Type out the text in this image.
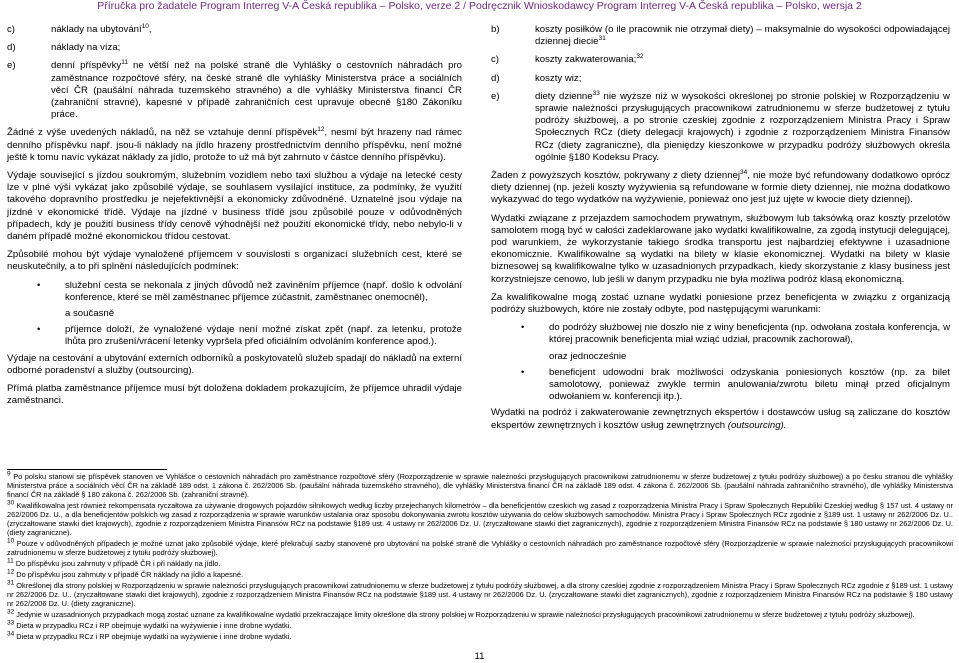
Příručka pro žadatele Program Interreg V-A Česká republika – Polsko, verze 2 / Podręcznik Wnioskodawcy Program Interreg V-A Česká republika – Polsko, wersja 2
c)	náklady na ubytování$^{10}$,
d)	náklady na víza;
e)	denní příspěvky$^{11}$ ne větší než na polské straně dle Vyhlášky o cestovních náhradách pro zaměstnance rozpočtové sféry, na české straně dle vyhlášky Ministerstva práce a sociálních věcí ČR (paušální náhrada tuzemského stravného) a dle vyhlášky Ministerstva financí ČR (zahraniční stravné), kapesné v případě zahraničních cest upravuje obecně §180 Zákoníku práce.

Žádné z výše uvedených nákladů, na něž se vztahuje denní příspěvek$^{12}$, nesmí být hrazeny nad rámec denního příspěvku např. jsou-li náklady na jídlo hrazeny prostřednictvím denního příspěvku, není možné ještě k tomu navíc vykázat náklady za jídlo, protože to už má být zahrnuto v částce denního příspěvku).

Výdaje související s jízdou soukromým, služebním vozidlem nebo taxi službou a výdaje na letecké cesty lze v plné výši vykázat jako způsobilé výdaje, se souhlasem vysílající instituce, za podmínky, že využití takového dopravního prostředku je nejefektivnější a ekonomicky zdůvodněné. Uznatelné jsou výdaje na jízdné v ekonomické třídě. Výdaje na jízdné v business třídě jsou způsobilé pouze v odůvodněných případech, kdy je použití business třídy cenově výhodnější než použití ekonomické třídy, nebo nebylo-li v daném případě možné ekonomickou třídou cestovat.

Způsobilé mohou být výdaje vynaložené příjemcem v souvislosti s organizací služebních cest, které se neuskutečnily, a to při splnění následujících podmínek:

•	služební cesta se nekonala z jiných důvodů než zaviněním příjemce (např. došlo k odvolání konference, které se měl zaměstnanec příjemce zúčastnit, zaměstnanec onemocněl),
a současně
•	příjemce doloží, že vynaložené výdaje není možné získat zpět (např. za letenku, protože lhůta pro zrušení/vrácení letenky vypršela před oficiálním odvoláním konference apod.).

Výdaje na cestování a ubytování externích odborníků a poskytovatelů služeb spadají do nákladů na externí odborné poradenství a služby (outsourcing).

Přímá platba zaměstnance příjemce musí být doložena dokladem prokazujícím, že příjemce uhradil výdaje zaměstnanci.

b)	koszty posiłków (o ile pracownik nie otrzymał diety) – maksymalnie do wysokości odpowiadającej dziennej diecie$^{31}$
c)	koszty zakwaterowania;$^{32}$
d)	koszty wiz;
e)	diety dzienne$^{33}$ nie wyższe niż w wysokości określonej po stronie polskiej w Rozporządzeniu w sprawie należności przysługujących pracownikowi zatrudnionemu w sferze budżetowej z tytułu podróży służbowej, a po stronie czeskiej zgodnie z rozporządzeniem Ministra Pracy i Spraw Społecznych RCz (diety delegacji krajowych) i zgodnie z rozporządzeniem Ministra Finansów RCz (diety zagraniczne), dla pieniędzy kieszonkowe w przypadku podróży służbowych określa ogólnie §180 Kodeksu Pracy.

Żaden z powyższych kosztów, pokrywany z diety dziennej$^{34}$, nie może być refundowany dodatkowo oprócz diety dziennej (np. jeżeli koszty wyżywienia są refundowane w formie diety dziennej, nie można dodatkowo wykazywać do tego wydatków na wyżywienie, ponieważ ono jest już ujęte w kwocie diety dziennej).

Wydatki związane z przejazdem samochodem prywatnym, służbowym lub taksówką oraz koszty przelotów samolotem mogą być w całości zadeklarowane jako wydatki kwalifikowalne, za zgodą instytucji delegującej, pod warunkiem, że wykorzystanie takiego środka transportu jest najbardziej efektywne i uzasadnione ekonomicznie. Kwalifikowalne są wydatki na bilety w klasie ekonomicznej. Wydatki na bilety w klasie biznesowej są kwalifikowalne tylko w uzasadnionych przypadkach, kiedy skorzystanie z klasy business jest korzystniejsze cenowo, lub jeśli w danym przypadku nie była możliwa podróż klasą ekonomiczną.

Za kwalifikowalne mogą zostać uznane wydatki poniesione przez beneficjenta w związku z organizacją podróży służbowych, które nie zostały odbyte, pod następującymi warunkami:

•	do podróży służbowej nie doszło nie z winy beneficjenta (np. odwołana została konferencja, w której pracownik beneficjenta miał wziąć udział, pracownik zachorował),
oraz jednocześnie
•	beneficjent udowodni brak możliwości odzyskania poniesionych kosztów (np. za bilet samolotowy, ponieważ zwykle termin anulowania/zwrotu biletu minął przed oficjalnym odwołaniem w. konferencji itp.).

Wydatki na podróż i zakwaterowanie zewnętrznych ekspertów i dostawców usług są zaliczane do kosztów ekspertów zewnętrznych i kosztów usług zewnętrznych (outsourcing).

$^9$ Po polsku stanowi się příspěvek stanoven ve Vyhlášce o cestovních náhradách pro zaměstnance rozpočtové sféry (Rozporządzenie w sprawie należności przysługujących pracownikowi zatrudnionemu w sferze budżetowej z tytułu podróży służbowej) a po česku stranou dle vyhlášky Ministerstva práce a sociálních věcí ČR na základě 189 odst. 1 zákona č. 262/2006 Sb. (paušální náhrada tuzemského stravného), dle vyhlášky Ministerstva financí ČR na základě 189 odst. 4 zákona č. 262/2006 Sb. (paušální náhrada zahraničního stravného), dle vyhlášky Ministerstva financí ČR na základě § 180 zákona č. 262/2006 Sb. (zahraniční stravné).

$^{30}$ Kwalifikowalna jest również rekompensata ryczałtowa za używanie drogowych pojazdów silnikowych według liczby przejechanych kilometrów – dla beneficjentów czeskich wg zasad z rozporządzenia Ministra Pracy i Spraw Społecznych Republiki Czeskiej według § 157 ust. 4 ustawy nr 262/2006 Dz. U., a dla beneficjentów polskich wg zasad z rozporządzenia w sprawie warunków ustalania oraz sposobu dokonywania zwrotu kosztów używania do celów służbowych samochodów. Ministra Pracy i Spraw Społecznych RCz zgodnie z §189 ust. 1 ustawy nr 262/2006 Dz. U.. (zryczałtowane stawki diet krajowych), zgodnie z rozporządzeniem Ministra Finansów RCz na podstawie §189 ust. 4 ustawy nr 262/2006 Dz. U. (zryczałtowane stawki diet zagranicznych), zgodnie z rozporządzeniem Ministra Finansów RCz na podstawie § 180 ustawy nr 262/2006 Dz. U. (diety zagraniczne).

$^{10}$ Pouze v odůvodněných případech je možné uznat jako způsobilé výdaje, které překračují sazby stanovené pro ubytování na polské straně dle Vyhlášky o cestovních náhradách pro zaměstnance rozpočtové sféry (Rozporządzenie w sprawie należności przysługujących pracownikowi zatrudnionemu w sferze budżetowej z tytułu podróży służbowej).

$^{11}$ Do příspěvku jsou zahrnuty v případě ČR i při náklady na jídlo.

$^{12}$ Do příspěvku jsou zahrnuty v případě ČR náklady na jídlo a kapesné.

$^{31}$ Określonej dla strony polskiej w Rozporządzeniu w sprawie należności przysługujących pracownikowi zatrudnionemu w sferze budżetowej z tytułu podróży służbowej, a dla strony czeskiej zgodnie z rozporządzeniem Ministra Pracy i Spraw Społecznych RCz zgodnie z §189 ust. 1 ustawy nr 262/2006 Dz. U.. (zryczałtowane stawki diet krajowych), zgodnie z rozporządzeniem Ministra Finansów RCz na podstawie §189 ust. 4 ustawy nr 262/2006 Dz. U. (zryczałtowane stawki diet zagranicznych), zgodnie z rozporządzeniem Ministra Finansów RCz na podstawie § 180 ustawy nr 262/2006 Dz. U. (diety zagraniczne).

$^{32}$ Jedynie w uzasadnionych przypadkach mogą zostać uznane za kwalifikowalne wydatki przekraczające limity określone dla strony polskiej w Rozporządzeniu w sprawie należności przysługujących pracownikowi zatrudnionemu w sferze budżetowej z tytułu podróży służbowej).

$^{33}$ Dieta w przypadku RCz i RP obejmuje wydatki na wyżywienie i inne drobne wydatki.

$^{34}$ Dieta w przypadku RCz i RP obejmuje wydatki na wyżywienie i inne drobne wydatki.

11
